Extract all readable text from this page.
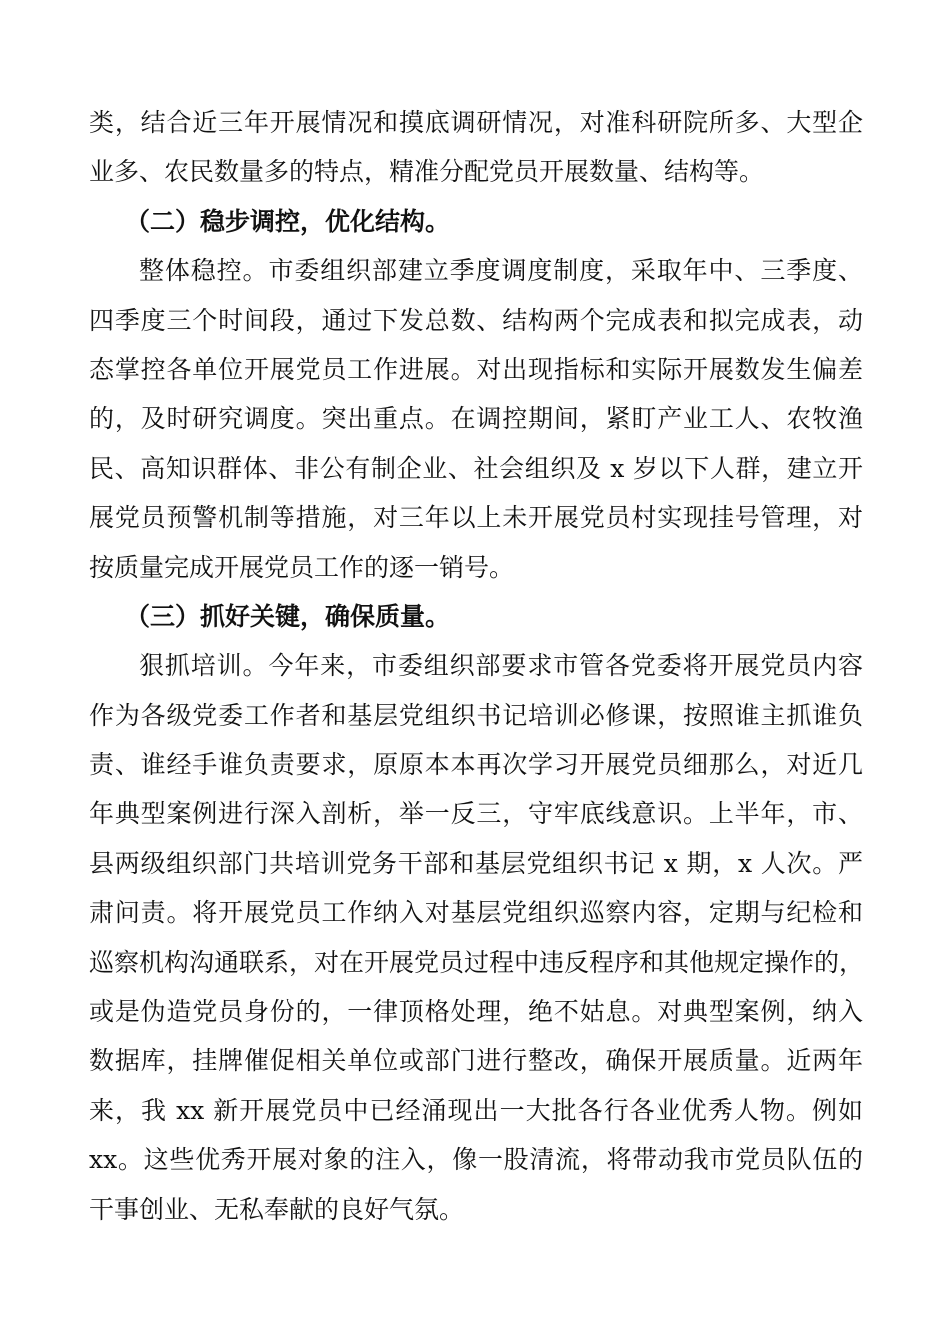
类，结合近三年开展情况和摸底调研情况，对准科研院所多、大型企
业多、农民数量多的特点，精准分配党员开展数量、结构等。
（二）稳步调控，优化结构。
整体稳控。市委组织部建立季度调度制度，采取年中、三季度、
四季度三个时间段，通过下发总数、结构两个完成表和拟完成表，动
态掌控各单位开展党员工作进展。对出现指标和实际开展数发生偏差
的，及时研究调度。突出重点。在调控期间，紧盯产业工人、农牧渔
民、高知识群体、非公有制企业、社会组织及 x 岁以下人群，建立开
展党员预警机制等措施，对三年以上未开展党员村实现挂号管理，对
按质量完成开展党员工作的逐一销号。
（三）抓好关键，确保质量。
狠抓培训。今年来，市委组织部要求市管各党委将开展党员内容
作为各级党委工作者和基层党组织书记培训必修课，按照谁主抓谁负
责、谁经手谁负责要求，原原本本再次学习开展党员细那么，对近几
年典型案例进行深入剖析，举一反三，守牢底线意识。上半年，市、
县两级组织部门共培训党务干部和基层党组织书记 x 期，x 人次。严
肃问责。将开展党员工作纳入对基层党组织巡察内容，定期与纪检和
巡察机构沟通联系，对在开展党员过程中违反程序和其他规定操作的，
或是伪造党员身份的，一律顶格处理，绝不姑息。对典型案例，纳入
数据库，挂牌催促相关单位或部门进行整改，确保开展质量。近两年
来，我 xx 新开展党员中已经涌现出一大批各行各业优秀人物。例如
xx。这些优秀开展对象的注入，像一股清流，将带动我市党员队伍的
干事创业、无私奉献的良好气氛。
